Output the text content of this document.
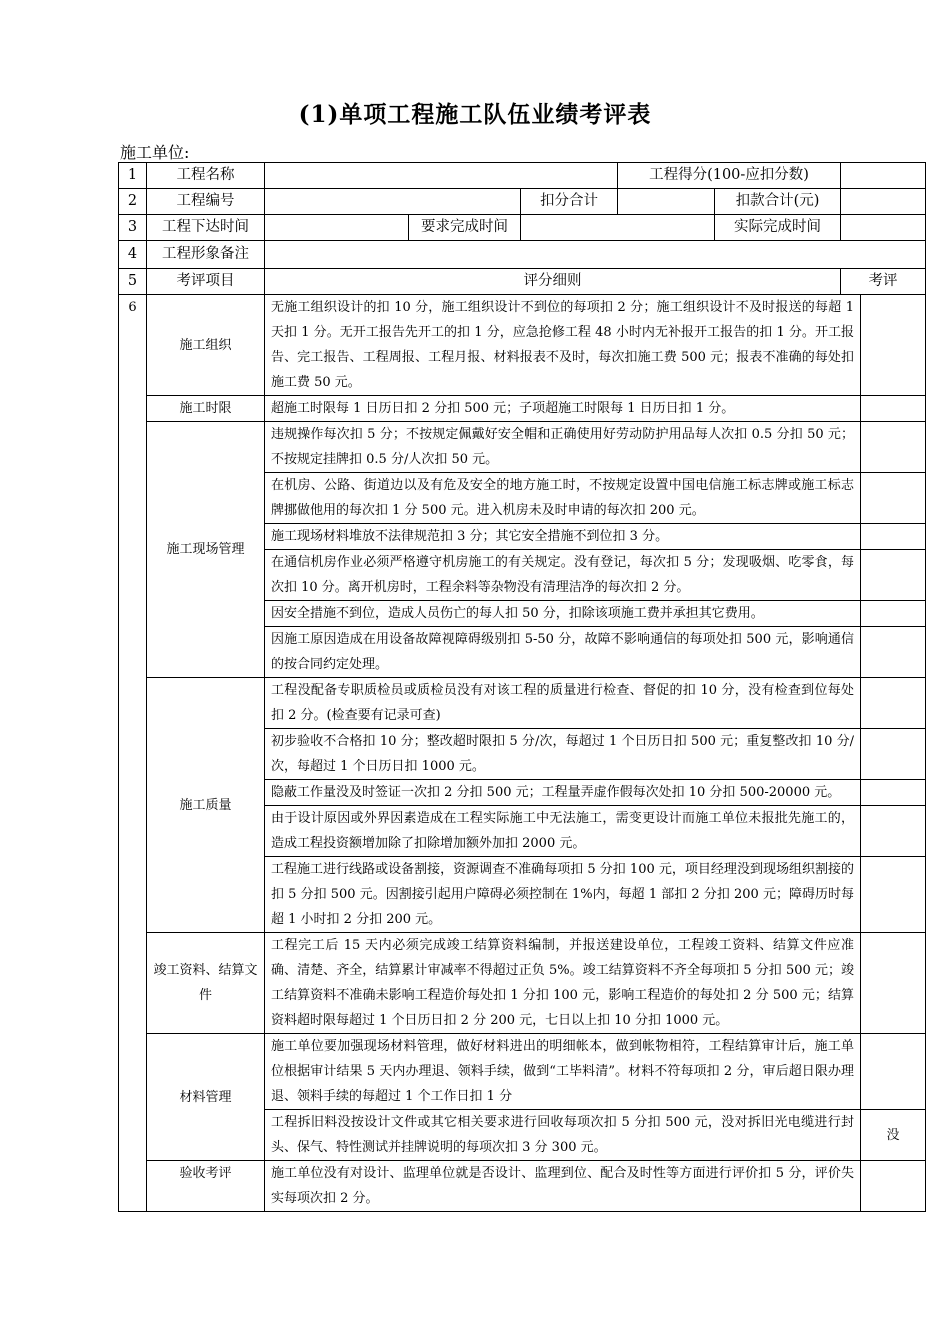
(1)单项工程施工队伍业绩考评表
施工单位:
1	工程名称				工程得分(100-应扣分数)			
2	工程编号			扣分合计		扣款合计(元)		
3	工程下达时间		要求完成时间			实际完成时间		
4	工程形象备注							
5	考评项目	评分细则					考评	
6	施工组织	无施工组织设计的扣 10 分，施工组织设计不到位的每项扣 2 分；施工组织设计不及时报送的每超 1 天扣 1 分。无开工报告先开工的扣 1 分，应急抢修工程 48 小时内无补报开工报告的扣 1 分。开工报告、完工报告、工程周报、工程月报、材料报表不及时，每次扣施工费 500 元；报表不准确的每处扣施工费 50 元。						
	施工时限	超施工时限每 1 日历日扣 2 分扣 500 元；子项超施工时限每 1 日历日扣 1 分。						
	施工现场管理	违规操作每次扣 5 分；不按规定佩戴好安全帽和正确使用好劳动防护用品每人次扣 0.5 分扣 50 元；不按规定挂牌扣 0.5 分/人次扣 50 元。						
		在机房、公路、街道边以及有危及安全的地方施工时，不按规定设置中国电信施工标志牌或施工标志牌挪做他用的每次扣 1 分 500 元。进入机房未及时申请的每次扣 200 元。						
		施工现场材料堆放不法律规范扣 3 分；其它安全措施不到位扣 3 分。						
		在通信机房作业必须严格遵守机房施工的有关规定。没有登记，每次扣 5 分；发现吸烟、吃零食，每次扣 10 分。离开机房时，工程余料等杂物没有清理洁净的每次扣 2 分。						
		因安全措施不到位，造成人员伤亡的每人扣 50 分，扣除该项施工费并承担其它费用。						
		因施工原因造成在用设备故障视障碍级别扣 5-50 分，故障不影响通信的每项处扣 500 元，影响通信的按合同约定处理。						
	施工质量	工程没配备专职质检员或质检员没有对该工程的质量进行检查、督促的扣 10 分，没有检查到位每处扣 2 分。(检查要有记录可查)						
		初步验收不合格扣 10 分；整改超时限扣 5 分/次，每超过 1 个日历日扣 500 元；重复整改扣 10 分/次，每超过 1 个日历日扣 1000 元。						
		隐蔽工作量没及时签证一次扣 2 分扣 500 元；工程量弄虚作假每次处扣 10 分扣 500-20000 元。						
		由于设计原因或外界因素造成在工程实际施工中无法施工，需变更设计而施工单位未报批先施工的，造成工程投资额增加除了扣除增加额外加扣 2000 元。						
		工程施工进行线路或设备割接，资源调查不准确每项扣 5 分扣 100 元，项目经理没到现场组织割接的扣 5 分扣 500 元。因割接引起用户障碍必须控制在 1%内，每超 1 部扣 2 分扣 200 元；障碍历时每超 1 小时扣 2 分扣 200 元。						
	竣工资料、结算文件	工程完工后 15 天内必须完成竣工结算资料编制，并报送建设单位，工程竣工资料、结算文件应准确、清楚、齐全，结算累计审减率不得超过正负 5%。竣工结算资料不齐全每项扣 5 分扣 500 元；竣工结算资料不准确未影响工程造价每处扣 1 分扣 100 元，影响工程造价的每处扣 2 分 500 元；结算资料超时限每超过 1 个日历日扣 2 分 200 元，七日以上扣 10 分扣 1000 元。						
	材料管理	施工单位要加强现场材料管理，做好材料进出的明细帐本，做到帐物相符，工程结算审计后，施工单位根据审计结果 5 天内办理退、领料手续，做到“工毕料清”。材料不符每项扣 2 分，审后超日限办理退、领料手续的每超过 1 个工作日扣 1 分						
		工程拆旧料没按设计文件或其它相关要求进行回收每项次扣 5 分扣 500 元，没对拆旧光电缆进行封头、保气、特性测试并挂牌说明的每项次扣 3 分 300 元。						没
	验收考评	施工单位没有对设计、监理单位就是否设计、监理到位、配合及时性等方面进行评价扣 5 分，评价失实每项次扣 2 分。						
